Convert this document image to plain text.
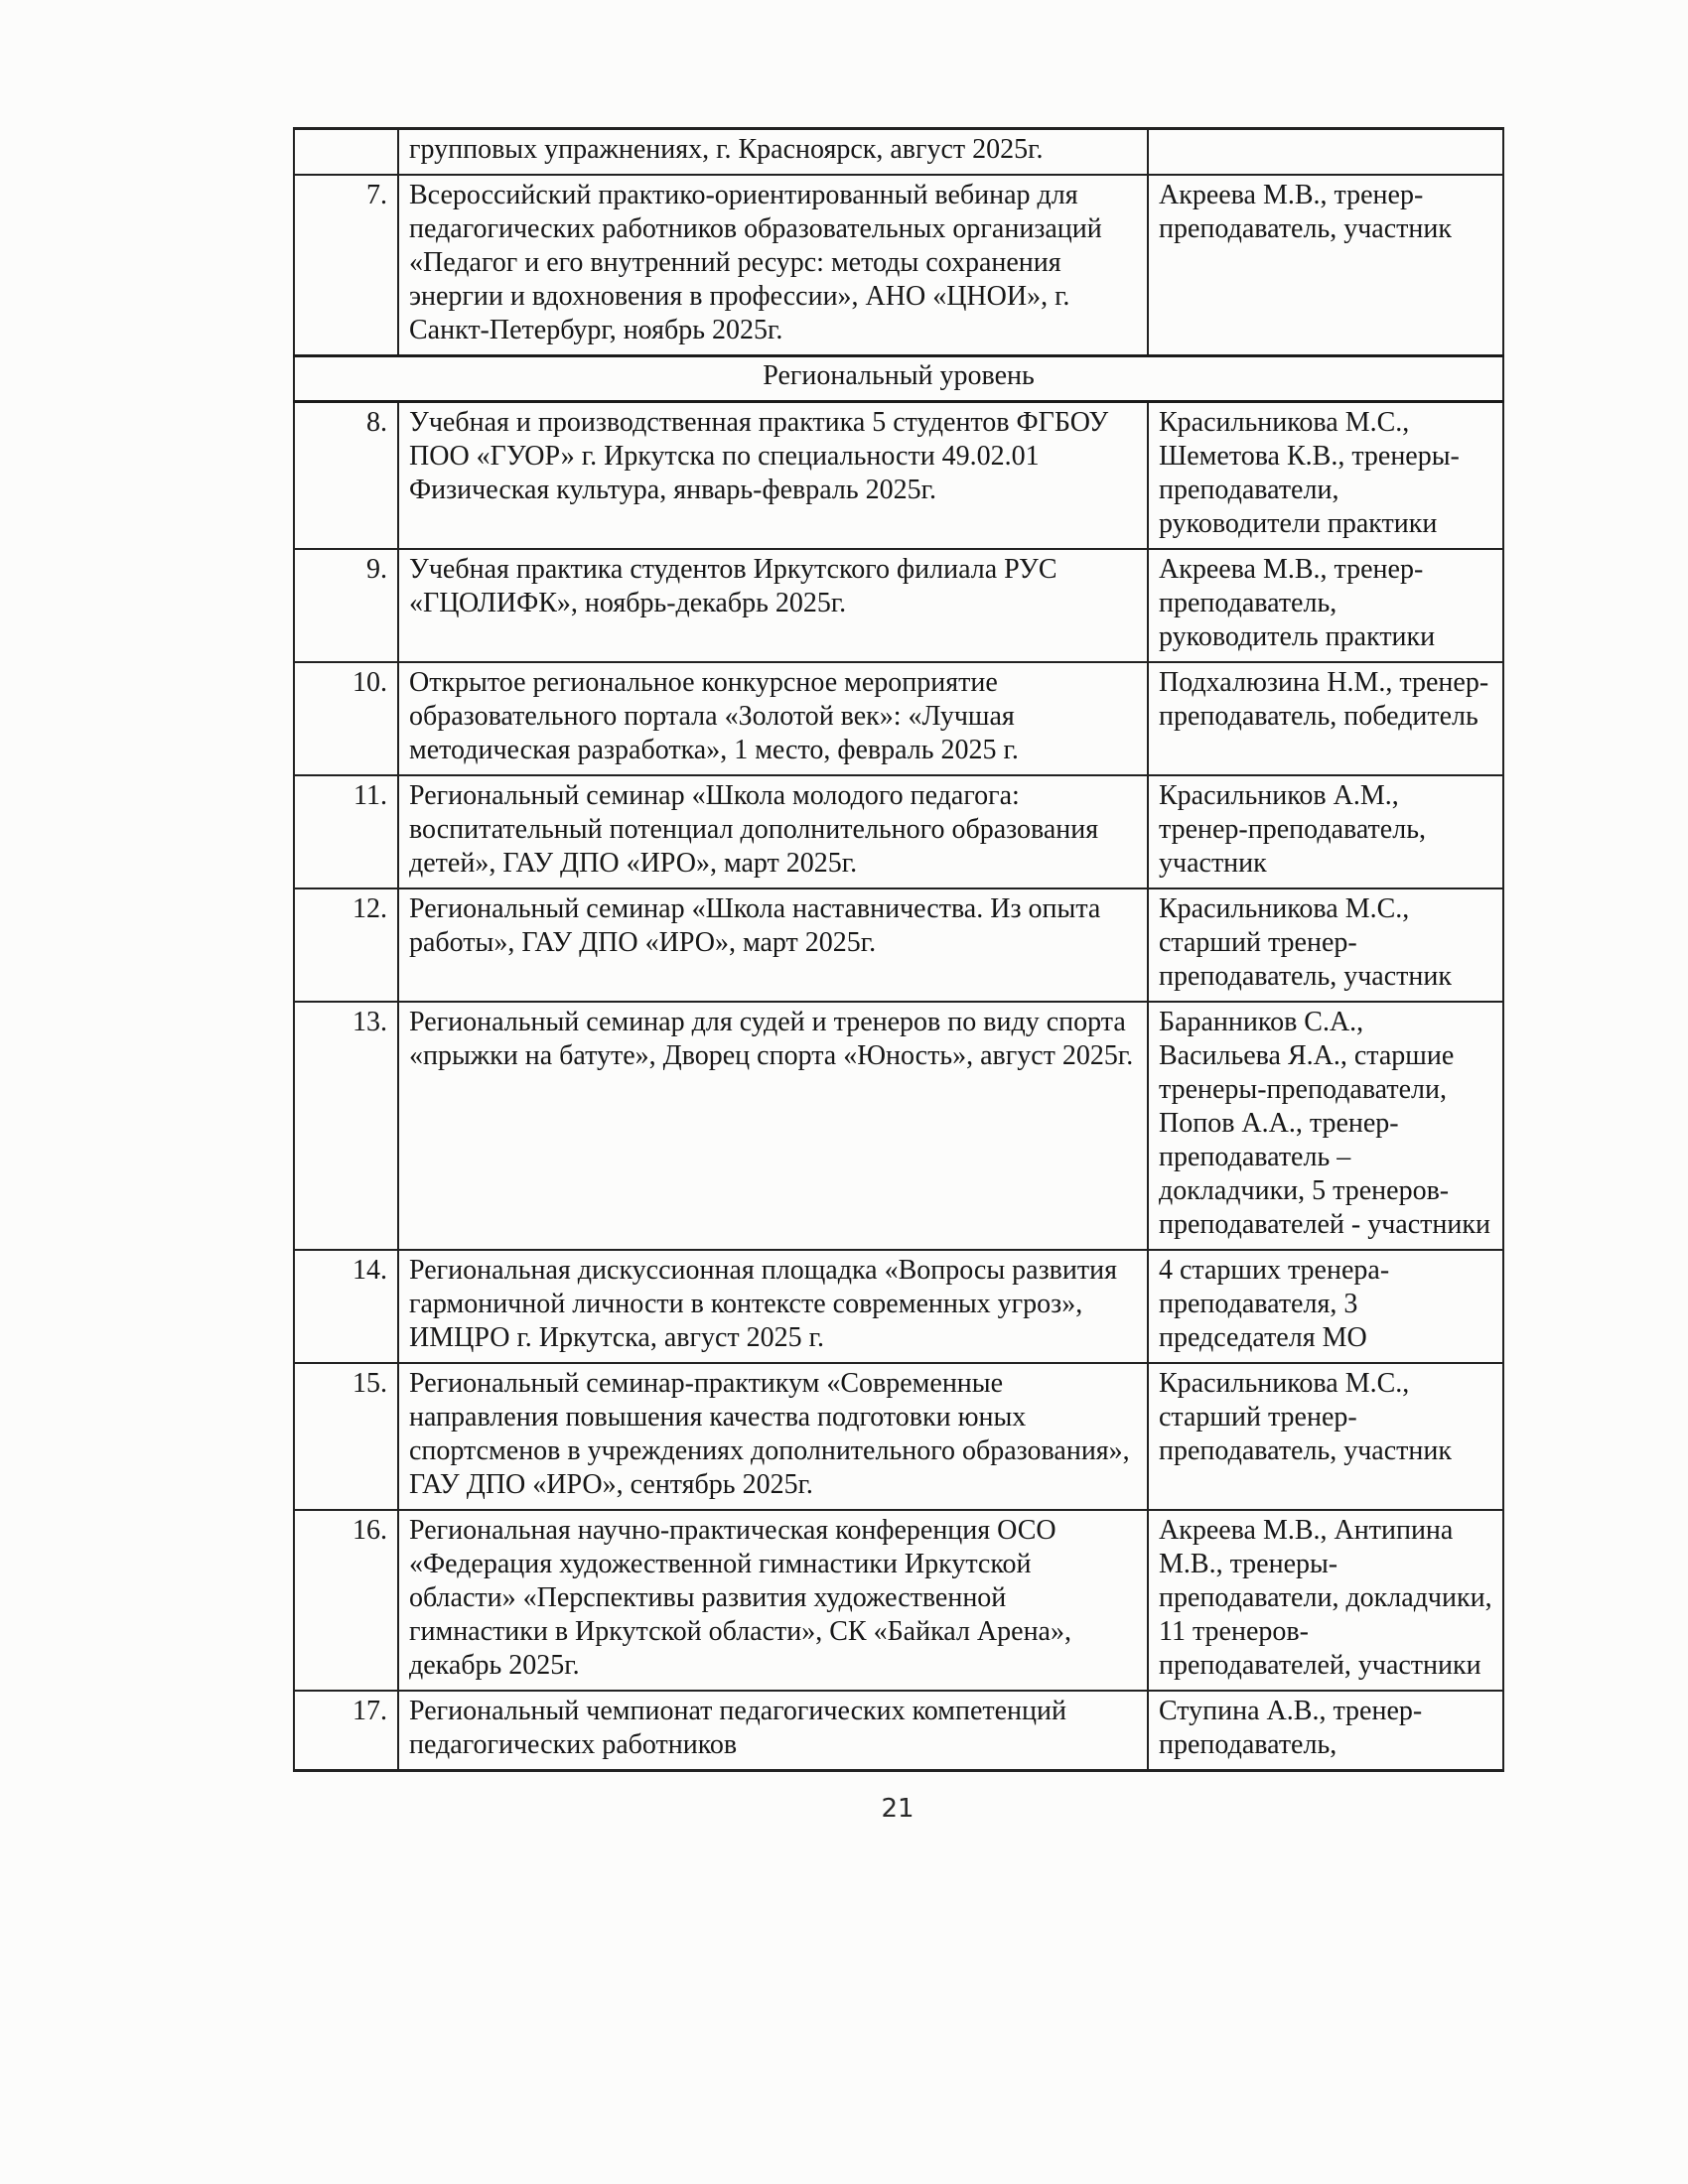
	групповых упражнениях, г. Красноярск, август 2025г.	
7.	Всероссийский практико-ориентированный вебинар для педагогических работников образовательных организаций «Педагог и его внутренний ресурс: методы сохранения энергии и вдохновения в профессии», АНО «ЦНОИ», г. Санкт-Петербург, ноябрь 2025г.	Акреева М.В., тренер-преподаватель, участник
Региональный уровень		
8.	Учебная и производственная практика 5 студентов ФГБОУ ПОО «ГУОР» г. Иркутска по специальности 49.02.01 Физическая культура, январь-февраль 2025г.	Красильникова М.С., Шеметова К.В., тренеры-преподаватели, руководители практики
9.	Учебная практика студентов Иркутского филиала РУС «ГЦОЛИФК», ноябрь-декабрь 2025г.	Акреева М.В., тренер-преподаватель, руководитель практики
10.	Открытое региональное конкурсное мероприятие образовательного портала «Золотой век»: «Лучшая методическая разработка», 1 место, февраль 2025 г.	Подхалюзина Н.М., тренер-преподаватель, победитель
11.	Региональный семинар «Школа молодого педагога: воспитательный потенциал дополнительного образования детей», ГАУ ДПО «ИРО», март 2025г.	Красильников А.М., тренер-преподаватель, участник
12.	Региональный семинар «Школа наставничества. Из опыта работы», ГАУ ДПО «ИРО», март 2025г.	Красильникова М.С., старший тренер-преподаватель, участник
13.	Региональный семинар для судей и тренеров по виду спорта «прыжки на батуте», Дворец спорта «Юность», август 2025г.	Баранников С.А., Васильева Я.А., старшие тренеры-преподаватели, Попов А.А., тренер-преподаватель – докладчики, 5 тренеров-преподавателей - участники
14.	Региональная дискуссионная площадка «Вопросы развития гармоничной личности в контексте современных угроз», ИМЦРО г. Иркутска, август 2025 г.	4 старших тренера-преподавателя, 3 председателя МО
15.	Региональный семинар-практикум «Современные направления повышения качества подготовки юных спортсменов в учреждениях дополнительного образования», ГАУ ДПО «ИРО», сентябрь 2025г.	Красильникова М.С., старший тренер-преподаватель, участник
16.	Региональная научно-практическая конференция ОСО «Федерация художественной гимнастики Иркутской области» «Перспективы развития художественной гимнастики в Иркутской области», СК «Байкал Арена», декабрь 2025г.	Акреева М.В., Антипина М.В., тренеры-преподаватели, докладчики, 11 тренеров-преподавателей, участники
17.	Региональный чемпионат педагогических компетенций педагогических работников	Ступина А.В., тренер-преподаватель,
21
